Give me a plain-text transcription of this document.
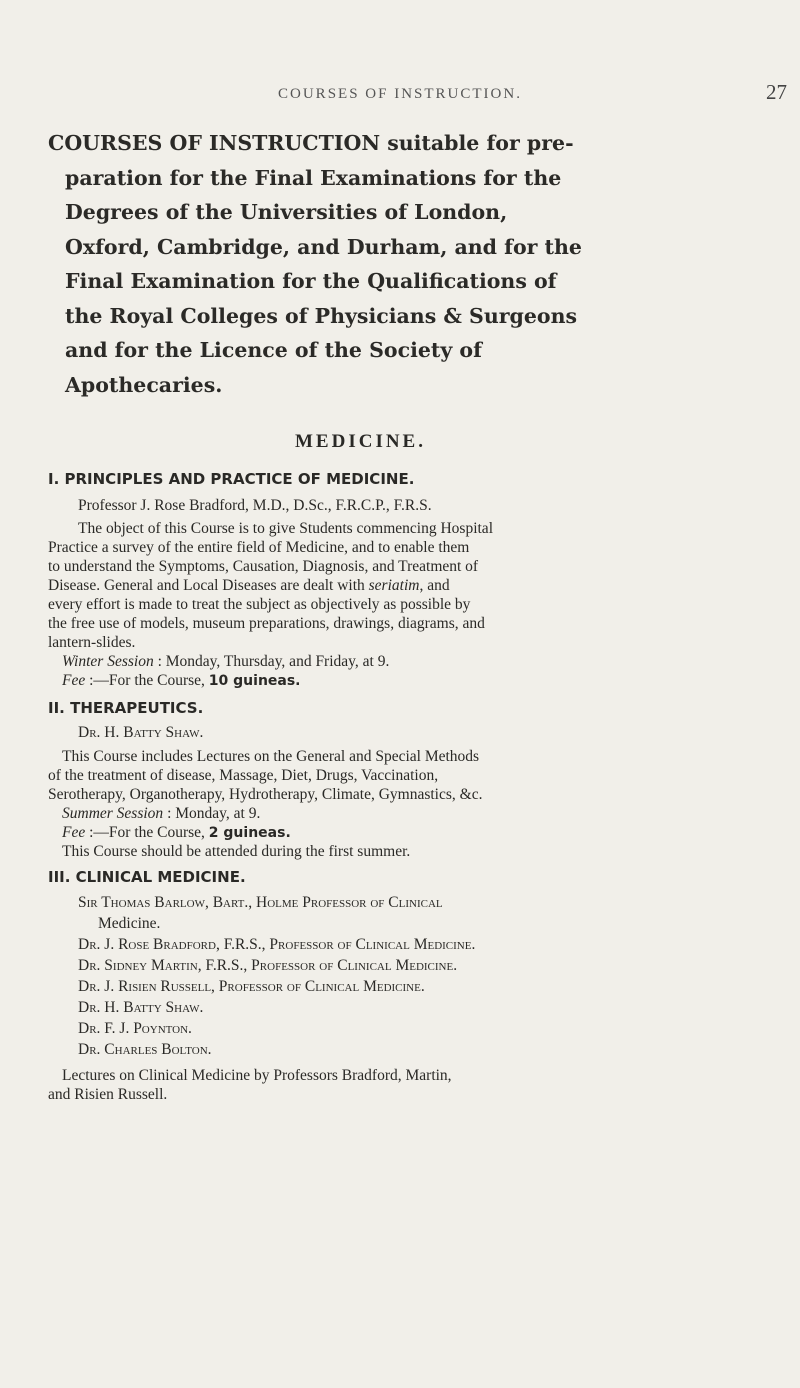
COURSES OF INSTRUCTION.	27

COURSES OF INSTRUCTION suitable for pre-

paration for the Final Examinations for the

Degrees of the Universities of London,

Oxford, Cambridge, and Durham, and for the

Final Examination for the Qualifications of

the Royal Colleges of Physicians & Surgeons

and for the Licence of the Society of

Apothecaries.

MEDICINE.
I. PRINCIPLES AND PRACTICE OF MEDICINE.
Professor J. Rose Bradford, M.D., D.Sc., F.R.C.P., F.R.S.
The object of this Course is to give Students commencing Hospital
Practice a survey of the entire field of Medicine, and to enable them
to understand the Symptoms, Causation, Diagnosis, and Treatment of
Disease. General and Local Diseases are dealt with seriatim, and
every effort is made to treat the subject as objectively as possible by
the free use of models, museum preparations, drawings, diagrams, and
lantern-slides.
Winter Session : Monday, Thursday, and Friday, at 9.
Fee :—For the Course, 10 guineas.
II. THERAPEUTICS.
Dr. H. Batty Shaw.
This Course includes Lectures on the General and Special Methods
of the treatment of disease, Massage, Diet, Drugs, Vaccination,
Serotherapy, Organotherapy, Hydrotherapy, Climate, Gymnastics, &c.
Summer Session : Monday, at 9.
Fee :—For the Course, 2 guineas.
This Course should be attended during the first summer.
III. CLINICAL MEDICINE.
Sir Thomas Barlow, Bart., Holme Professor of Clinical
Medicine.
Dr. J. Rose Bradford, F.R.S., Professor of Clinical Medicine.
Dr. Sidney Martin, F.R.S., Professor of Clinical Medicine.
Dr. J. Risien Russell, Professor of Clinical Medicine.
Dr. H. Batty Shaw.
Dr. F. J. Poynton.
Dr. Charles Bolton.
Lectures on Clinical Medicine by Professors Bradford, Martin,
and Risien Russell.
